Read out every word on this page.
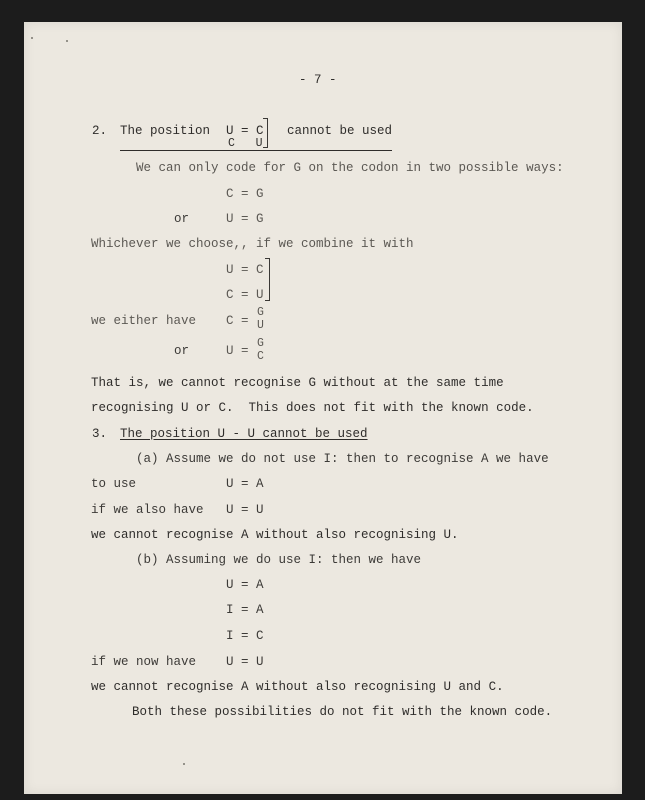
- 7 -
2. The position U = C
C   U
cannot be used
We can only code for G on the codon in two possible ways:
C = G
or	U = G
Whichever we choose,, if we combine it with
U = C
C = U
we either have C =
G
U
or	U =
G
C
That is, we cannot recognise G without at the same time
recognising U or C.  This does not fit with the known code.
3. The position U - U cannot be used
(a) Assume we do not use I: then to recognise A we have
to use	U = A
if we also have U = U
we cannot recognise A without also recognising U.
(b) Assuming we do use I: then we have
U = A
I = A
I = C
if we now have U = U
we cannot recognise A without also recognising U and C.
Both these possibilities do not fit with the known code.
